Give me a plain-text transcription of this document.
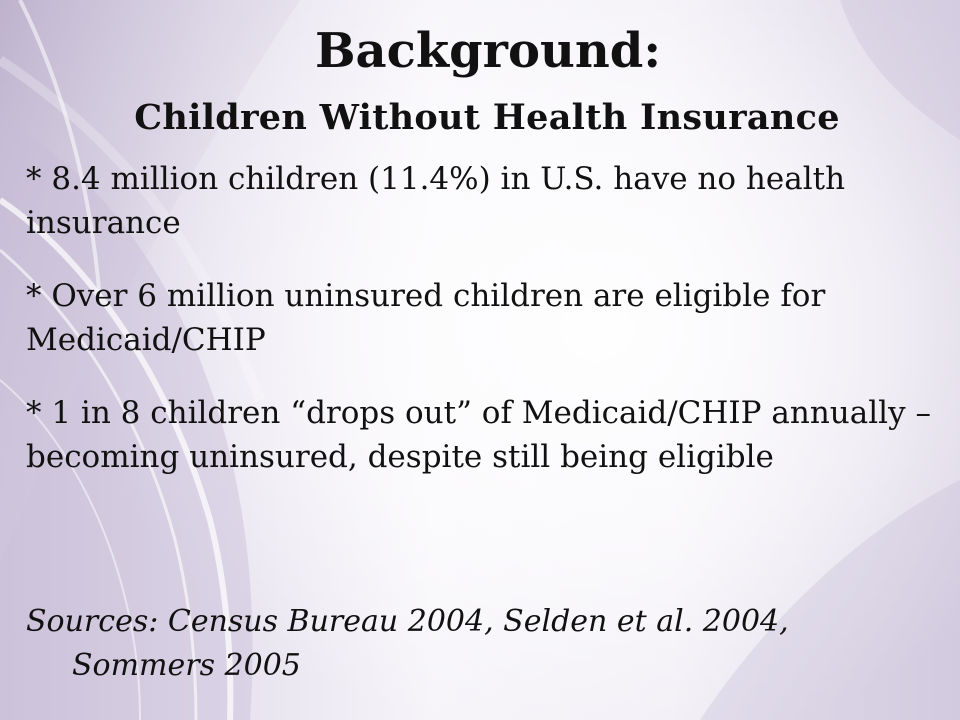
Background:
Children Without Health Insurance

* 8.4 million children (11.4%) in U.S. have no health insurance

* Over 6 million uninsured children are eligible for Medicaid/CHIP

* 1 in 8 children “drops out” of Medicaid/CHIP annually – becoming uninsured, despite still being eligible

Sources: Census Bureau 2004, Selden et al. 2004, Sommers 2005
